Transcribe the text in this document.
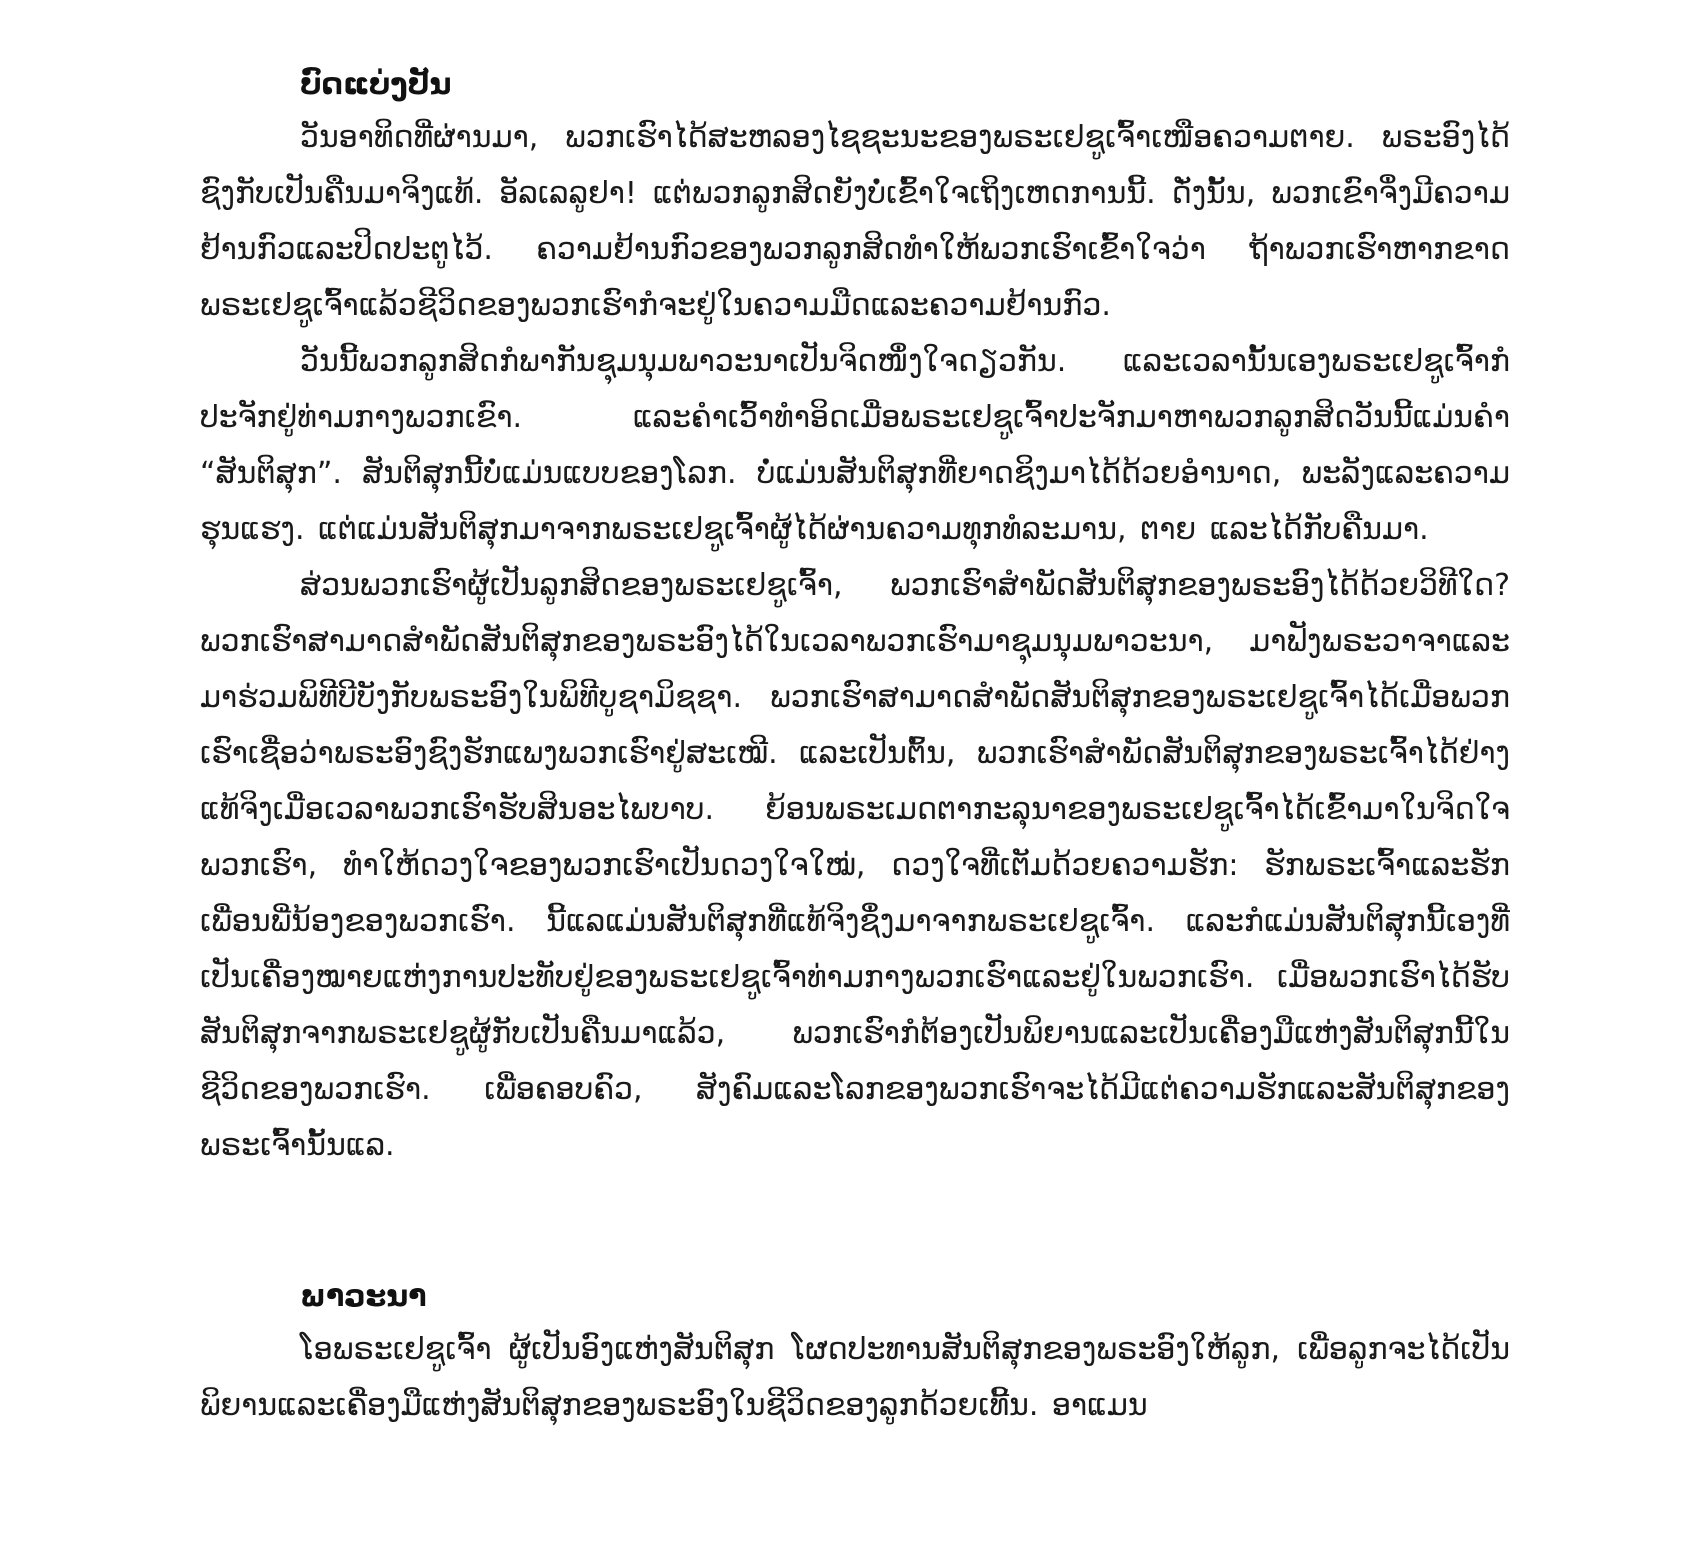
ບົດແບ່ງປັນ

ວັນອາທິດທີ່ຜ່ານມາ, ພວກເຮົາໄດ້ສະຫລອງໄຊຊະນະຂອງພຣະເຢຊູເຈົ້າເໜືອຄວາມຕາຍ. ພຣະອົງໄດ້ຊົງກັບເປັນຄືນມາຈິງແທ້. ອັລເລລູຢາ! ແຕ່ພວກລູກສິດຍັງບໍ່ເຂົ້າໃຈເຖິງເຫດການນີ້. ດັ່ງນັ້ນ, ພວກເຂົາຈຶ່ງມີຄວາມຢ້ານກົວແລະປິດປະຕູໄວ້. ຄວາມຢ້ານກົວຂອງພວກລູກສິດທຳໃຫ້ພວກເຮົາເຂົ້າໃຈວ່າ ຖ້າພວກເຮົາຫາກຂາດພຣະເຢຊູເຈົ້າແລ້ວຊີວິດຂອງພວກເຮົາກໍຈະຢູ່ໃນຄວາມມືດແລະຄວາມຢ້ານກົວ.

ວັນນີ້ພວກລູກສິດກໍພາກັນຊຸມນຸມພາວະນາເປັນຈິດໜຶ່ງໃຈດຽວກັນ. ແລະເວລານັ້ນເອງພຣະເຢຊູເຈົ້າກໍປະຈັກຢູ່ທ່າມກາງພວກເຂົາ. ແລະຄຳເວົ້າທຳອິດເມື່ອພຣະເຢຊູເຈົ້າປະຈັກມາຫາພວກລູກສິດວັນນີ້ແມ່ນຄຳ “ສັນຕິສຸກ”. ສັນຕິສຸກນີ້ບໍ່ແມ່ນແບບຂອງໂລກ. ບໍ່ແມ່ນສັນຕິສຸກທີ່ຍາດຊິງມາໄດ້ດ້ວຍອຳນາດ, ພະລັງແລະຄວາມຮຸນແຮງ. ແຕ່ແມ່ນສັນຕິສຸກມາຈາກພຣະເຢຊູເຈົ້າຜູ້ໄດ້ຜ່ານຄວາມທຸກທໍລະມານ, ຕາຍ ແລະໄດ້ກັບຄືນມາ.

ສ່ວນພວກເຮົາຜູ້ເປັນລູກສິດຂອງພຣະເຢຊູເຈົ້າ, ພວກເຮົາສຳພັດສັນຕິສຸກຂອງພຣະອົງໄດ້ດ້ວຍວິທີໃດ? ພວກເຮົາສາມາດສຳພັດສັນຕິສຸກຂອງພຣະອົງໄດ້ໃນເວລາພວກເຮົາມາຊຸມນຸມພາວະນາ, ມາຟັງພຣະວາຈາແລະມາຮ່ວມພິທີບີບັງກັບພຣະອົງໃນພິທີບູຊາມິຊຊາ. ພວກເຮົາສາມາດສຳພັດສັນຕິສຸກຂອງພຣະເຢຊູເຈົ້າໄດ້ເມື່ອພວກເຮົາເຊື່ອວ່າພຣະອົງຊົງຮັກແພງພວກເຮົາຢູ່ສະເໝີ. ແລະເປັນຕົ້ນ, ພວກເຮົາສຳພັດສັນຕິສຸກຂອງພຣະເຈົ້າໄດ້ຢ່າງແທ້ຈິງເມື່ອເວລາພວກເຮົາຮັບສິນອະໄພບາບ. ຍ້ອນພຣະເມດຕາກະລຸນາຂອງພຣະເຢຊູເຈົ້າໄດ້ເຂົ້າມາໃນຈິດໃຈພວກເຮົາ, ທຳໃຫ້ດວງໃຈຂອງພວກເຮົາເປັນດວງໃຈໃໝ່, ດວງໃຈທີ່ເຕັມດ້ວຍຄວາມຮັກ: ຮັກພຣະເຈົ້າແລະຮັກເພື່ອນພີ່ນ້ອງຂອງພວກເຮົາ. ນີ້ແລແມ່ນສັນຕິສຸກທີ່ແທ້ຈິງຊຶ່ງມາຈາກພຣະເຢຊູເຈົ້າ. ແລະກໍແມ່ນສັນຕິສຸກນີ້ເອງທີ່ເປັນເຄື່ອງໝາຍແຫ່ງການປະທັບຢູ່ຂອງພຣະເຢຊູເຈົ້າທ່າມກາງພວກເຮົາແລະຢູ່ໃນພວກເຮົາ. ເມື່ອພວກເຮົາໄດ້ຮັບສັນຕິສຸກຈາກພຣະເຢຊູຜູ້ກັບເປັນຄືນມາແລ້ວ, ພວກເຮົາກໍຕ້ອງເປັນພິຍານແລະເປັນເຄື່ອງມືແຫ່ງສັນຕິສຸກນີ້ໃນຊີວິດຂອງພວກເຮົາ. ເພື່ອຄອບຄົວ, ສັງຄົມແລະໂລກຂອງພວກເຮົາຈະໄດ້ມີແຕ່ຄວາມຮັກແລະສັນຕິສຸກຂອງພຣະເຈົ້ານັ້ນແລ.

ພາວະນາ

ໂອພຣະເຢຊູເຈົ້າ ຜູ້ເປັນອົງແຫ່ງສັນຕິສຸກ ໂຜດປະທານສັນຕິສຸກຂອງພຣະອົງໃຫ້ລູກ, ເພື່ອລູກຈະໄດ້ເປັນພິຍານແລະເຄື່ອງມືແຫ່ງສັນຕິສຸກຂອງພຣະອົງໃນຊີວິດຂອງລູກດ້ວຍເທີ້ນ. ອາແມນ
